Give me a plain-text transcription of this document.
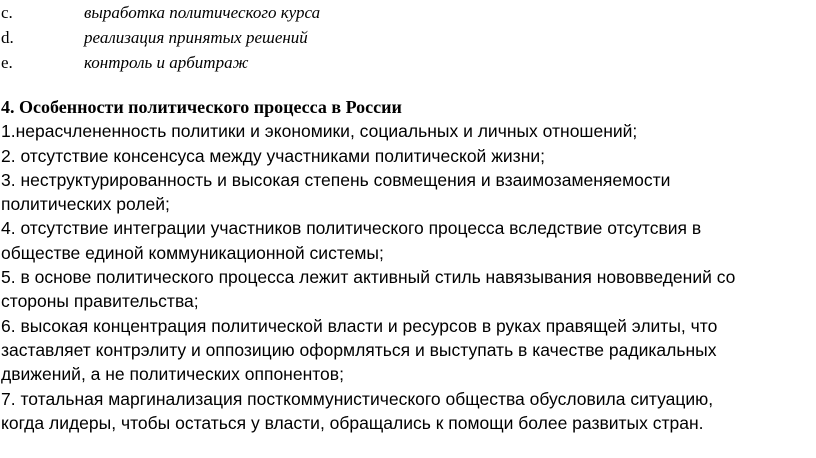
c.	выработка политического курса
d.	реализация принятых решений
e.	контроль и арбитраж

4. Особенности политического процесса в России

1.нерасчлененность политики и экономики, социальных и личных отношений;

2. отсутствие консенсуса между участниками политической жизни;

3. неструктурированность и высокая степень совмещения и взаимозаменяемости
политических ролей;

4. отсутствие интеграции участников политического процесса вследствие отсутсвия в
обществе единой коммуникационной системы;

5. в основе политического процесса лежит активный стиль навязывания нововведений со
стороны правительства;

6. высокая концентрация политической власти и ресурсов в руках правящей элиты, что
заставляет контрэлиту и оппозицию оформляться и выступать в качестве радикальных
движений, а не политических оппонентов;

7. тотальная маргинализация посткоммунистического общества обусловила ситуацию,
когда лидеры, чтобы остаться у власти, обращались к помощи более развитых стран.
